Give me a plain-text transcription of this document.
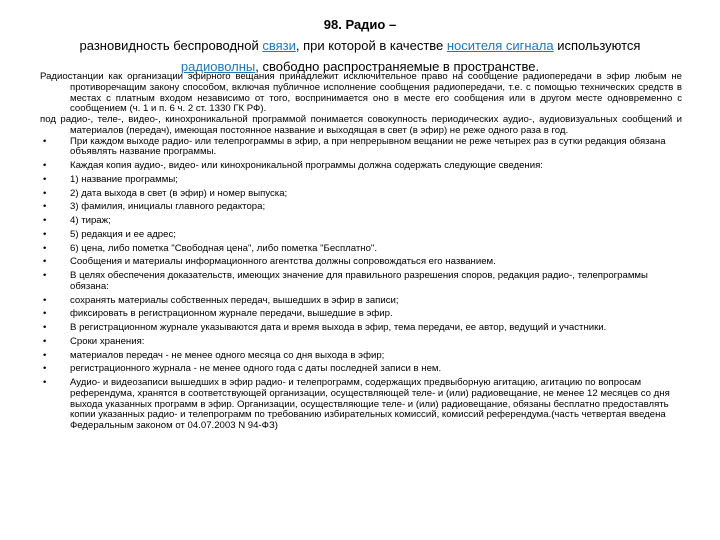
98. Радио –
разновидность беспроводной связи, при которой в качестве носителя сигнала используются
радиоволны, свободно распространяемые в пространстве.

Радиостанции как организации эфирного вещания принадлежит исключительное право на сообщение радиопередачи в эфир любым не противоречащим закону способом, включая публичное исполнение сообщения радиопередачи, т.е. с помощью технических средств в местах с платным входом независимо от того, воспринимается оно в месте его сообщения или в другом месте одновременно с сообщением (ч. 1 и п. 6 ч. 2 ст. 1330 ГК РФ).

под радио-, теле-, видео-, кинохроникальной программой понимается совокупность периодических аудио-, аудиовизуальных сообщений и материалов (передач), имеющая постоянное название и выходящая в свет (в эфир) не реже одного раза в год.

• При каждом выходе радио- или телепрограммы в эфир, а при непрерывном вещании не реже четырех раз в сутки редакция обязана объявлять название программы.
• Каждая копия аудио-, видео- или кинохроникальной программы должна содержать следующие сведения:
• 1) название программы;
• 2) дата выхода в свет (в эфир) и номер выпуска;
• 3) фамилия, инициалы главного редактора;
• 4) тираж;
• 5) редакция и ее адрес;
• 6) цена, либо пометка "Свободная цена", либо пометка "Бесплатно".
• Сообщения и материалы информационного агентства должны сопровождаться его названием.
• В целях обеспечения доказательств, имеющих значение для правильного разрешения споров, редакция радио-, телепрограммы обязана:
• сохранять материалы собственных передач, вышедших в эфир в записи;
• фиксировать в регистрационном журнале передачи, вышедшие в эфир.
• В регистрационном журнале указываются дата и время выхода в эфир, тема передачи, ее автор, ведущий и участники.
• Сроки хранения:
• материалов передач - не менее одного месяца со дня выхода в эфир;
• регистрационного журнала - не менее одного года с даты последней записи в нем.
• Аудио- и видеозаписи вышедших в эфир радио- и телепрограмм, содержащих предвыборную агитацию, агитацию по вопросам референдума, хранятся в соответствующей организации, осуществляющей теле- и (или) радиовещание, не менее 12 месяцев со дня выхода указанных программ в эфир. Организации, осуществляющие теле- и (или) радиовещание, обязаны бесплатно предоставлять копии указанных радио- и телепрограмм по требованию избирательных комиссий, комиссий референдума.(часть четвертая введена Федеральным законом от 04.07.2003 N 94-ФЗ)
